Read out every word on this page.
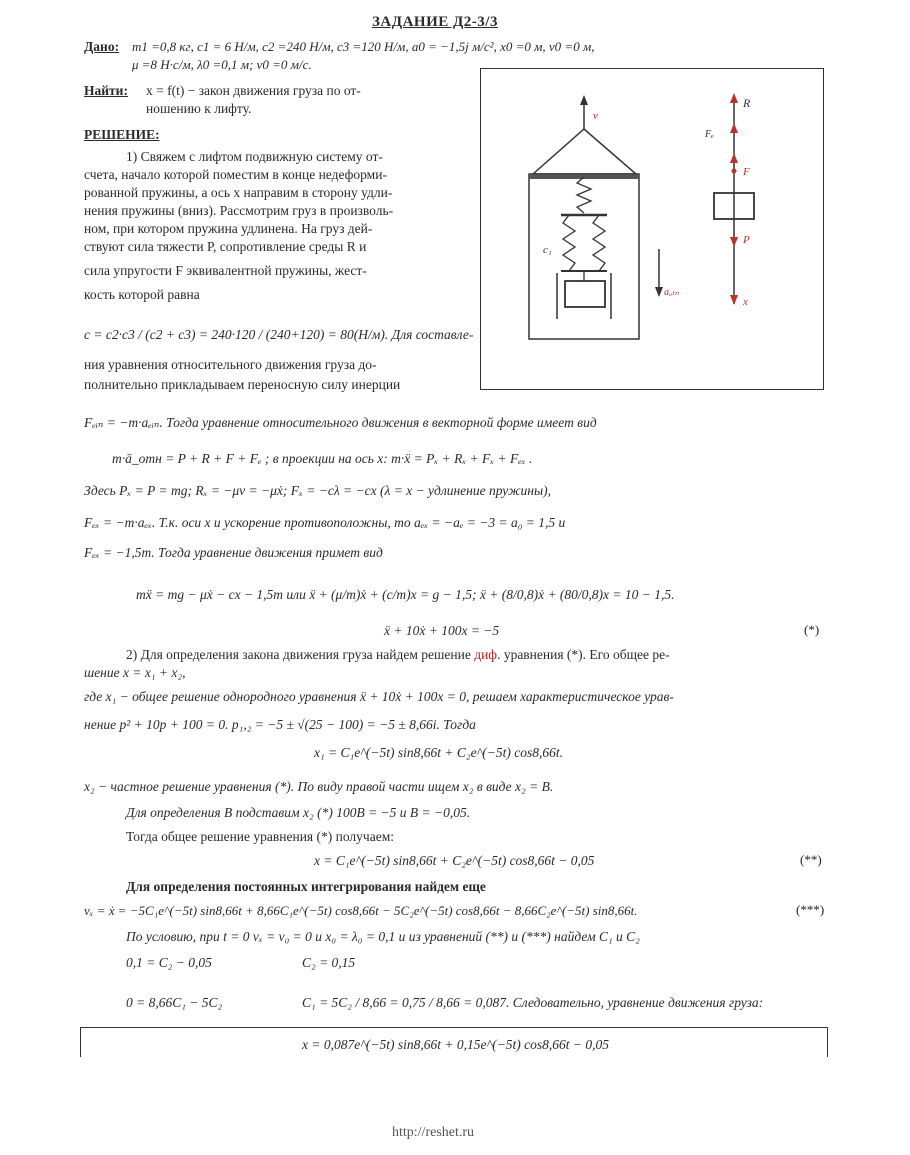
ЗАДАНИЕ Д2-3/3
Дано: m1 =0,8 кг, c1 = 6 Н/м, c2 =240 Н/м, c3 =120 Н/м, a0 = −1,5j м/с², x0 =0 м, v0 =0 м,
μ =8 Н·с/м, λ0 =0,1 м; v0 =0 м/с.
Найти: x = f(t) − закон движения груза по от-
ношению к лифту.
РЕШЕНИЕ:
1) Свяжем с лифтом подвижную систему от-
счета, начало которой поместим в конце недеформи-
рованной пружины, а ось x направим в сторону удли-
нения пружины (вниз). Рассмотрим груз в произволь-
ном, при котором пружина удлинена. На груз дей-
ствуют сила тяжести P, сопротивление среды R и
сила упругости F эквивалентной пружины, жест-
кость которой равна
c = c2·c3 / (c2 + c3) = 240·120 / (240+120) = 80(Н/м). Для составле-
ния уравнения относительного движения груза до-
полнительно прикладываем переносную силу инерции
v
c₁
aₒₜₙ
R
Fₑ
F
P
x
Fₑᵢₙ = −m·aₑᵢₙ. Тогда уравнение относительного движения в векторной форме имеет вид
m·ā_отн = P + R + F + Fₑ ; в проекции на ось x: m·ẍ = Pₓ + Rₓ + Fₓ + Fₑₓ .
Здесь Pₓ = P = mg; Rₓ = −μv = −μẋ; Fₓ = −cλ = −cx (λ = x − удлинение пружины),
Fₑₓ = −m·aₑₓ. Т.к. оси x и ускорение противоположны, то aₑₓ = −aₑ = −3 = a₀ = 1,5 и
Fₑₓ = −1,5m. Тогда уравнение движения примет вид
mẍ = mg − μẋ − cx − 1,5m или ẍ + (μ/m)ẋ + (c/m)x = g − 1,5; ẍ + (8/0,8)ẋ + (80/0,8)x = 10 − 1,5.
ẍ + 10ẋ + 100x = −5	(*)
2) Для определения закона движения груза найдем решение диф. уравнения (*). Его общее ре-
шение x = x₁ + x₂,
где x₁ − общее решение однородного уравнения ẍ + 10ẋ + 100x = 0, решаем характеристическое урав-
нение p² + 10p + 100 = 0. p₁,₂ = −5 ± √(25 − 100) = −5 ± 8,66i. Тогда
x₁ = C₁e^(−5t) sin8,66t + C₂e^(−5t) cos8,66t.
x₂ − частное решение уравнения (*). По виду правой части ищем x₂ в виде x₂ = B.
Для определения B подставим x₂ (*) 100B = −5 и B = −0,05.
Тогда общее решение уравнения (*) получаем:
x = C₁e^(−5t) sin8,66t + C₂e^(−5t) cos8,66t − 0,05	(**)
Для определения постоянных интегрирования найдем еще
vₓ = ẋ = −5C₁e^(−5t) sin8,66t + 8,66C₁e^(−5t) cos8,66t − 5C₂e^(−5t) cos8,66t − 8,66C₂e^(−5t) sin8,66t.	(***)
По условию, при t = 0 vₓ = v₀ = 0 и x₀ = λ₀ = 0,1 и из уравнений (**) и (***) найдем C₁ и C₂
0,1 = C₂ − 0,05	C₂ = 0,15
0 = 8,66C₁ − 5C₂	C₁ = 5C₂ / 8,66 = 0,75 / 8,66 = 0,087. Следовательно, уравнение движения груза:
x = 0,087e^(−5t) sin8,66t + 0,15e^(−5t) cos8,66t − 0,05
http://reshet.ru
